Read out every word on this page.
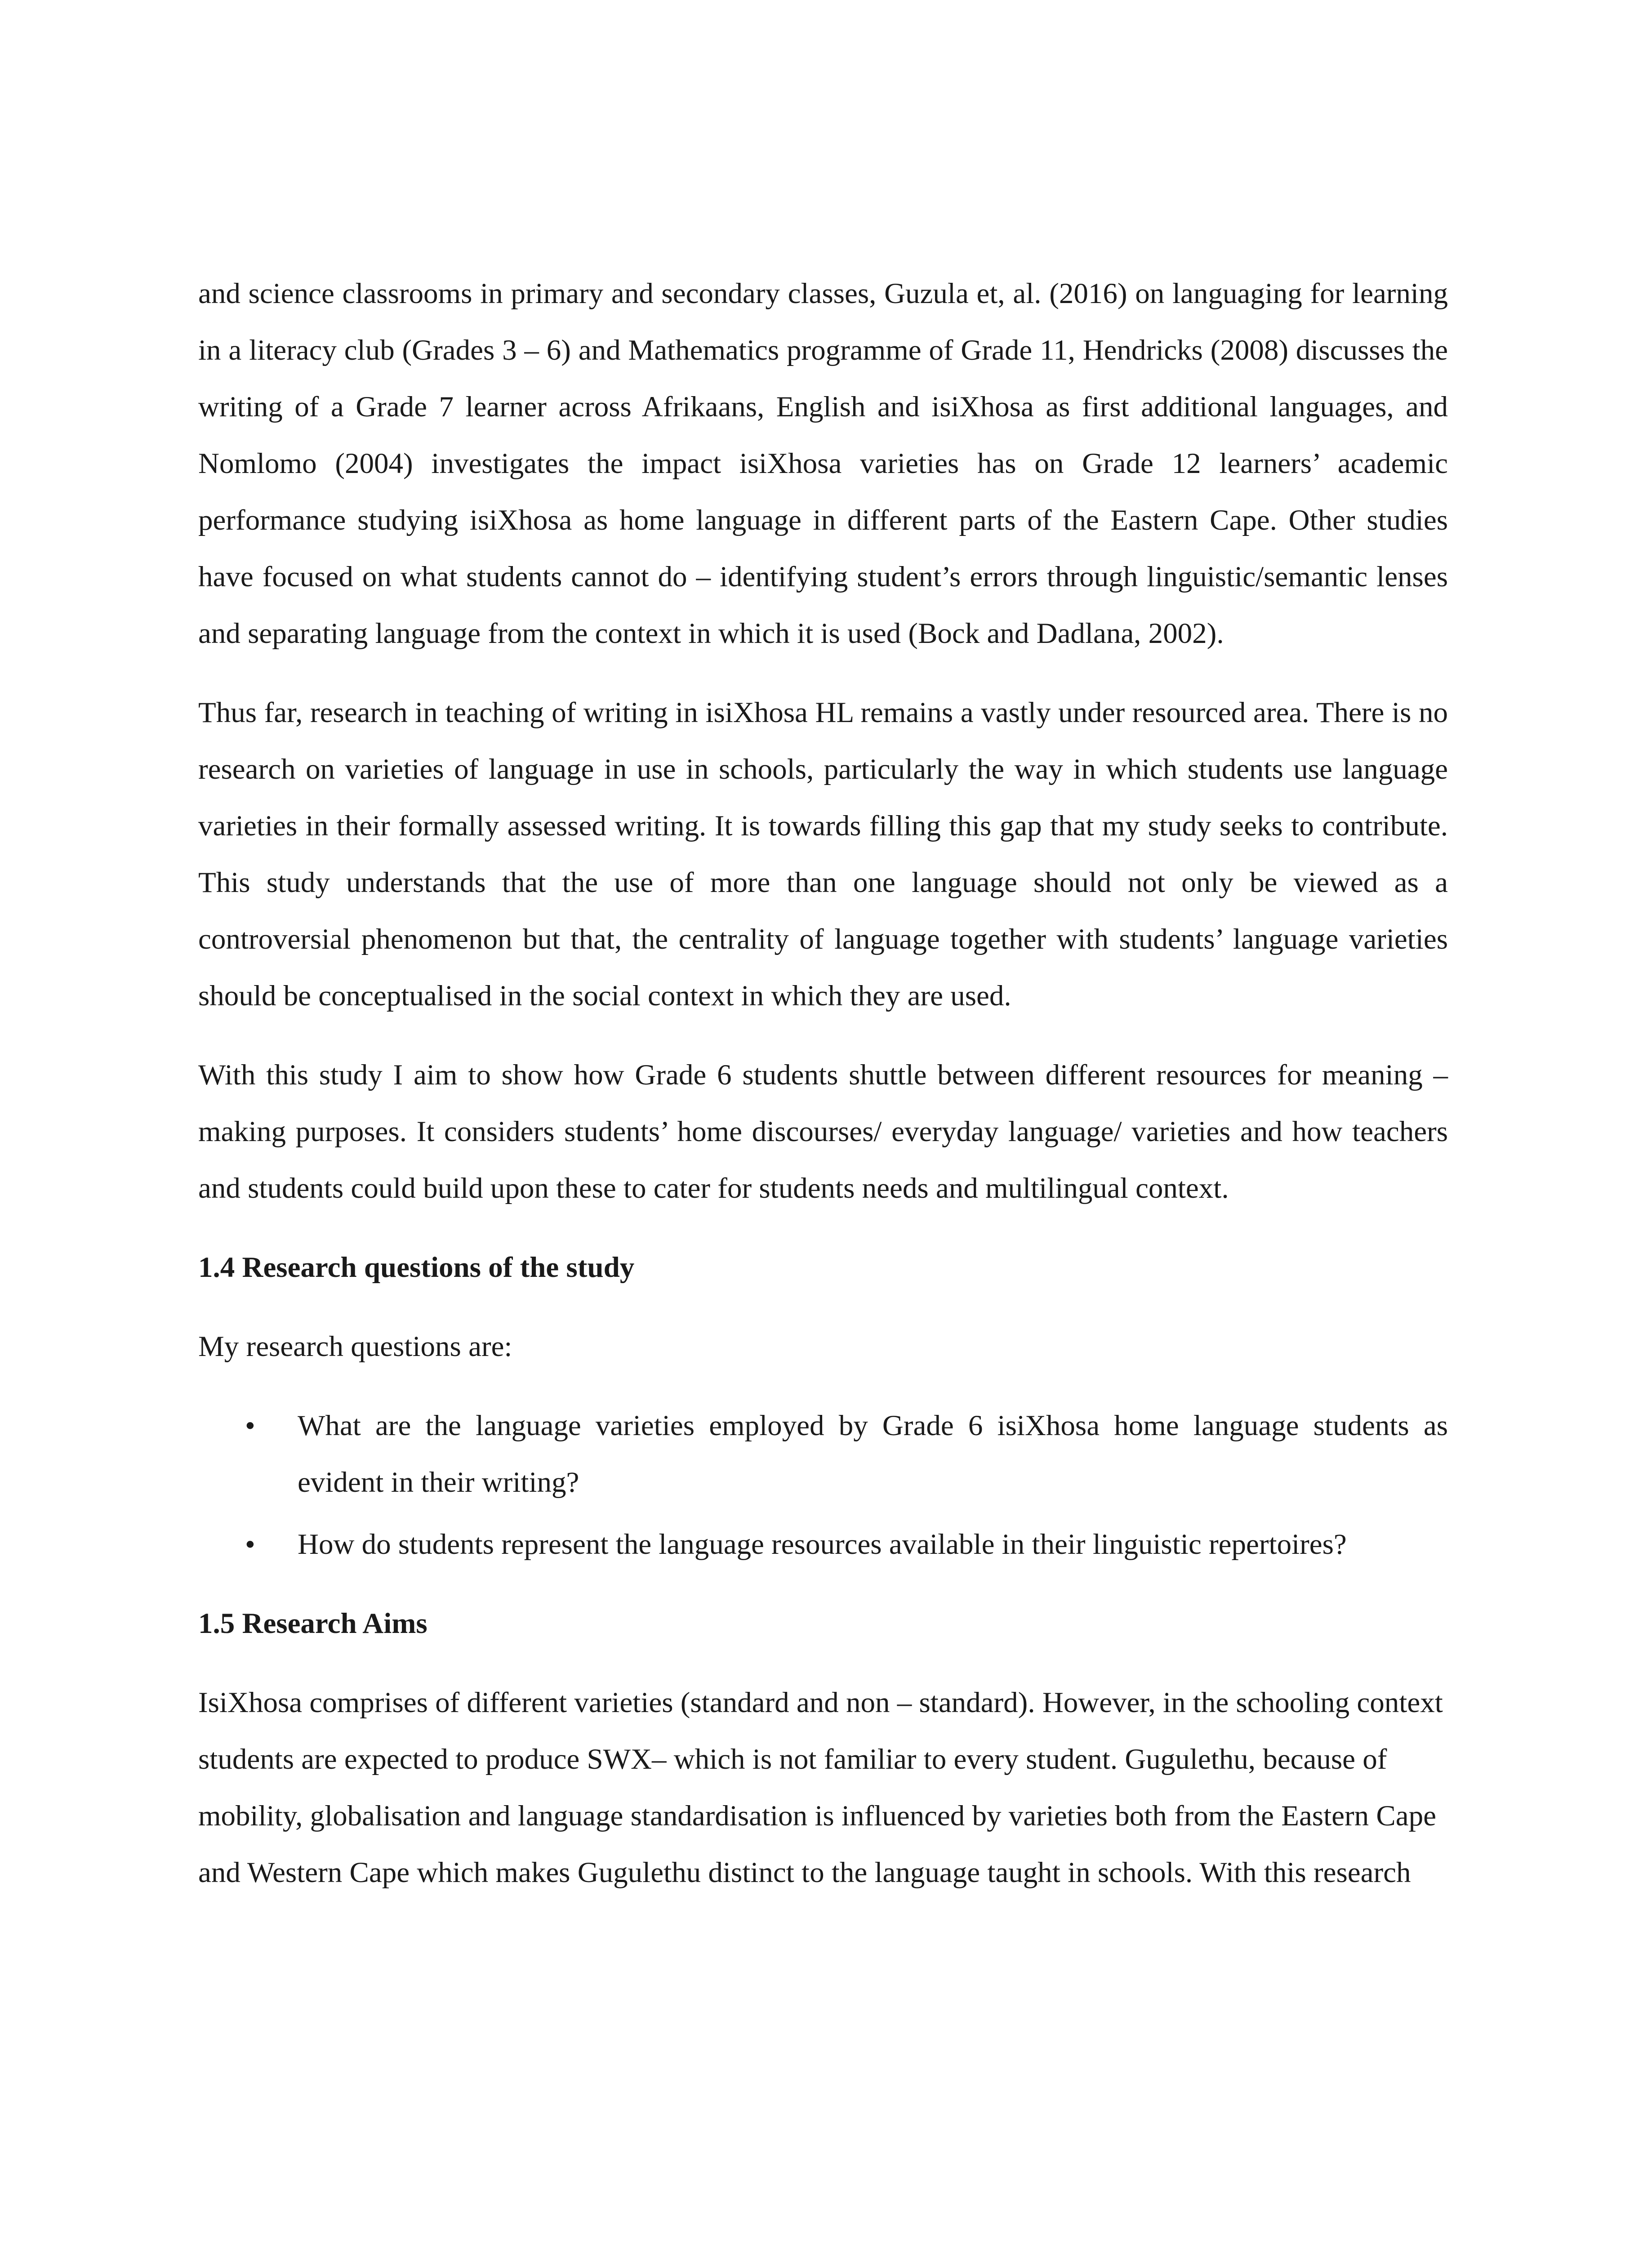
and science classrooms in primary and secondary classes, Guzula et, al. (2016) on languaging for learning in a literacy club (Grades 3 – 6) and Mathematics programme of Grade 11, Hendricks (2008) discusses the writing of a Grade 7 learner across Afrikaans, English and isiXhosa as first additional languages, and Nomlomo (2004) investigates the impact isiXhosa varieties has on Grade 12 learners’ academic performance studying isiXhosa as home language in different parts of the Eastern Cape. Other studies have focused on what students cannot do – identifying student’s errors through linguistic/semantic lenses and separating language from the context in which it is used (Bock and Dadlana, 2002).

Thus far, research in teaching of writing in isiXhosa HL remains a vastly under resourced area. There is no research on varieties of language in use in schools, particularly the way in which students use language varieties in their formally assessed writing. It is towards filling this gap that my study seeks to contribute. This study understands that the use of more than one language should not only be viewed as a controversial phenomenon but that, the centrality of language together with students’ language varieties should be conceptualised in the social context in which they are used.

With this study I aim to show how Grade 6 students shuttle between different resources for meaning – making purposes. It considers students’ home discourses/ everyday language/ varieties and how teachers and students could build upon these to cater for students needs and multilingual context.

1.4 Research questions of the study

My research questions are:

• What are the language varieties employed by Grade 6 isiXhosa home language students as evident in their writing?
• How do students represent the language resources available in their linguistic repertoires?
1.5 Research Aims

IsiXhosa comprises of different varieties (standard and non – standard). However, in the schooling context students are expected to produce SWX– which is not familiar to every student. Gugulethu, because of mobility, globalisation and language standardisation is influenced by varieties both from the Eastern Cape and Western Cape which makes Gugulethu distinct to the language taught in schools. With this research
